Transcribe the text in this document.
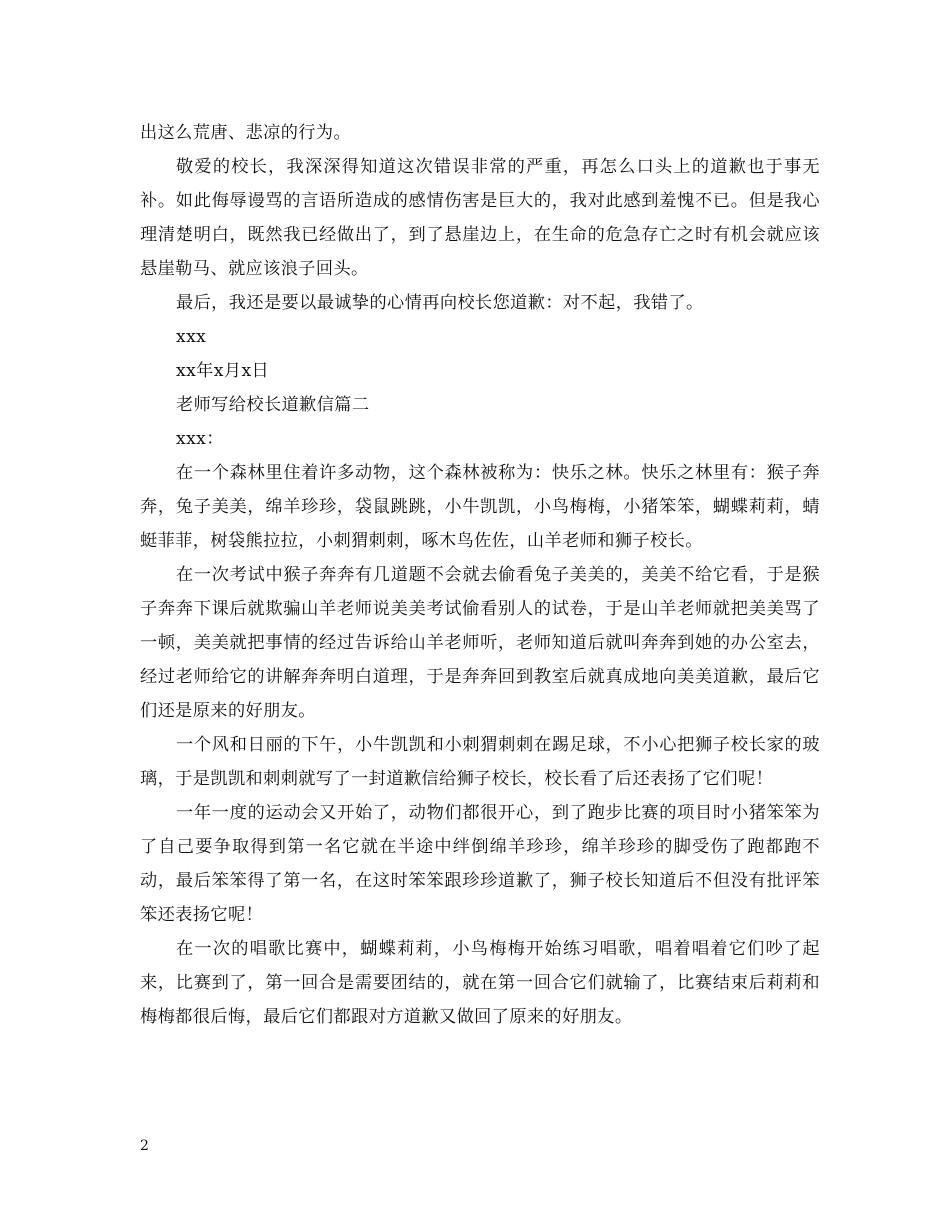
出这么荒唐、悲凉的行为。

敬爱的校长，我深深得知道这次错误非常的严重，再怎么口头上的道歉也于事无补。如此侮辱谩骂的言语所造成的感情伤害是巨大的，我对此感到羞愧不已。但是我心理清楚明白，既然我已经做出了，到了悬崖边上，在生命的危急存亡之时有机会就应该悬崖勒马、就应该浪子回头。

最后，我还是要以最诚挚的心情再向校长您道歉：对不起，我错了。

xxx

xx年x月x日

老师写给校长道歉信篇二

xxx：

在一个森林里住着许多动物，这个森林被称为：快乐之林。快乐之林里有：猴子奔奔，兔子美美，绵羊珍珍，袋鼠跳跳，小牛凯凯，小鸟梅梅，小猪笨笨，蝴蝶莉莉，蜻蜓菲菲，树袋熊拉拉，小刺猬刺刺，啄木鸟佐佐，山羊老师和狮子校长。

在一次考试中猴子奔奔有几道题不会就去偷看兔子美美的，美美不给它看，于是猴子奔奔下课后就欺骗山羊老师说美美考试偷看别人的试卷，于是山羊老师就把美美骂了一顿，美美就把事情的经过告诉给山羊老师听，老师知道后就叫奔奔到她的办公室去，经过老师给它的讲解奔奔明白道理，于是奔奔回到教室后就真成地向美美道歉，最后它们还是原来的好朋友。

一个风和日丽的下午，小牛凯凯和小刺猬刺刺在踢足球，不小心把狮子校长家的玻璃，于是凯凯和刺刺就写了一封道歉信给狮子校长，校长看了后还表扬了它们呢！

一年一度的运动会又开始了，动物们都很开心，到了跑步比赛的项目时小猪笨笨为了自己要争取得到第一名它就在半途中绊倒绵羊珍珍，绵羊珍珍的脚受伤了跑都跑不动，最后笨笨得了第一名，在这时笨笨跟珍珍道歉了，狮子校长知道后不但没有批评笨笨还表扬它呢！

在一次的唱歌比赛中，蝴蝶莉莉，小鸟梅梅开始练习唱歌，唱着唱着它们吵了起来，比赛到了，第一回合是需要团结的，就在第一回合它们就输了，比赛结束后莉莉和梅梅都很后悔，最后它们都跟对方道歉又做回了原来的好朋友。

2
